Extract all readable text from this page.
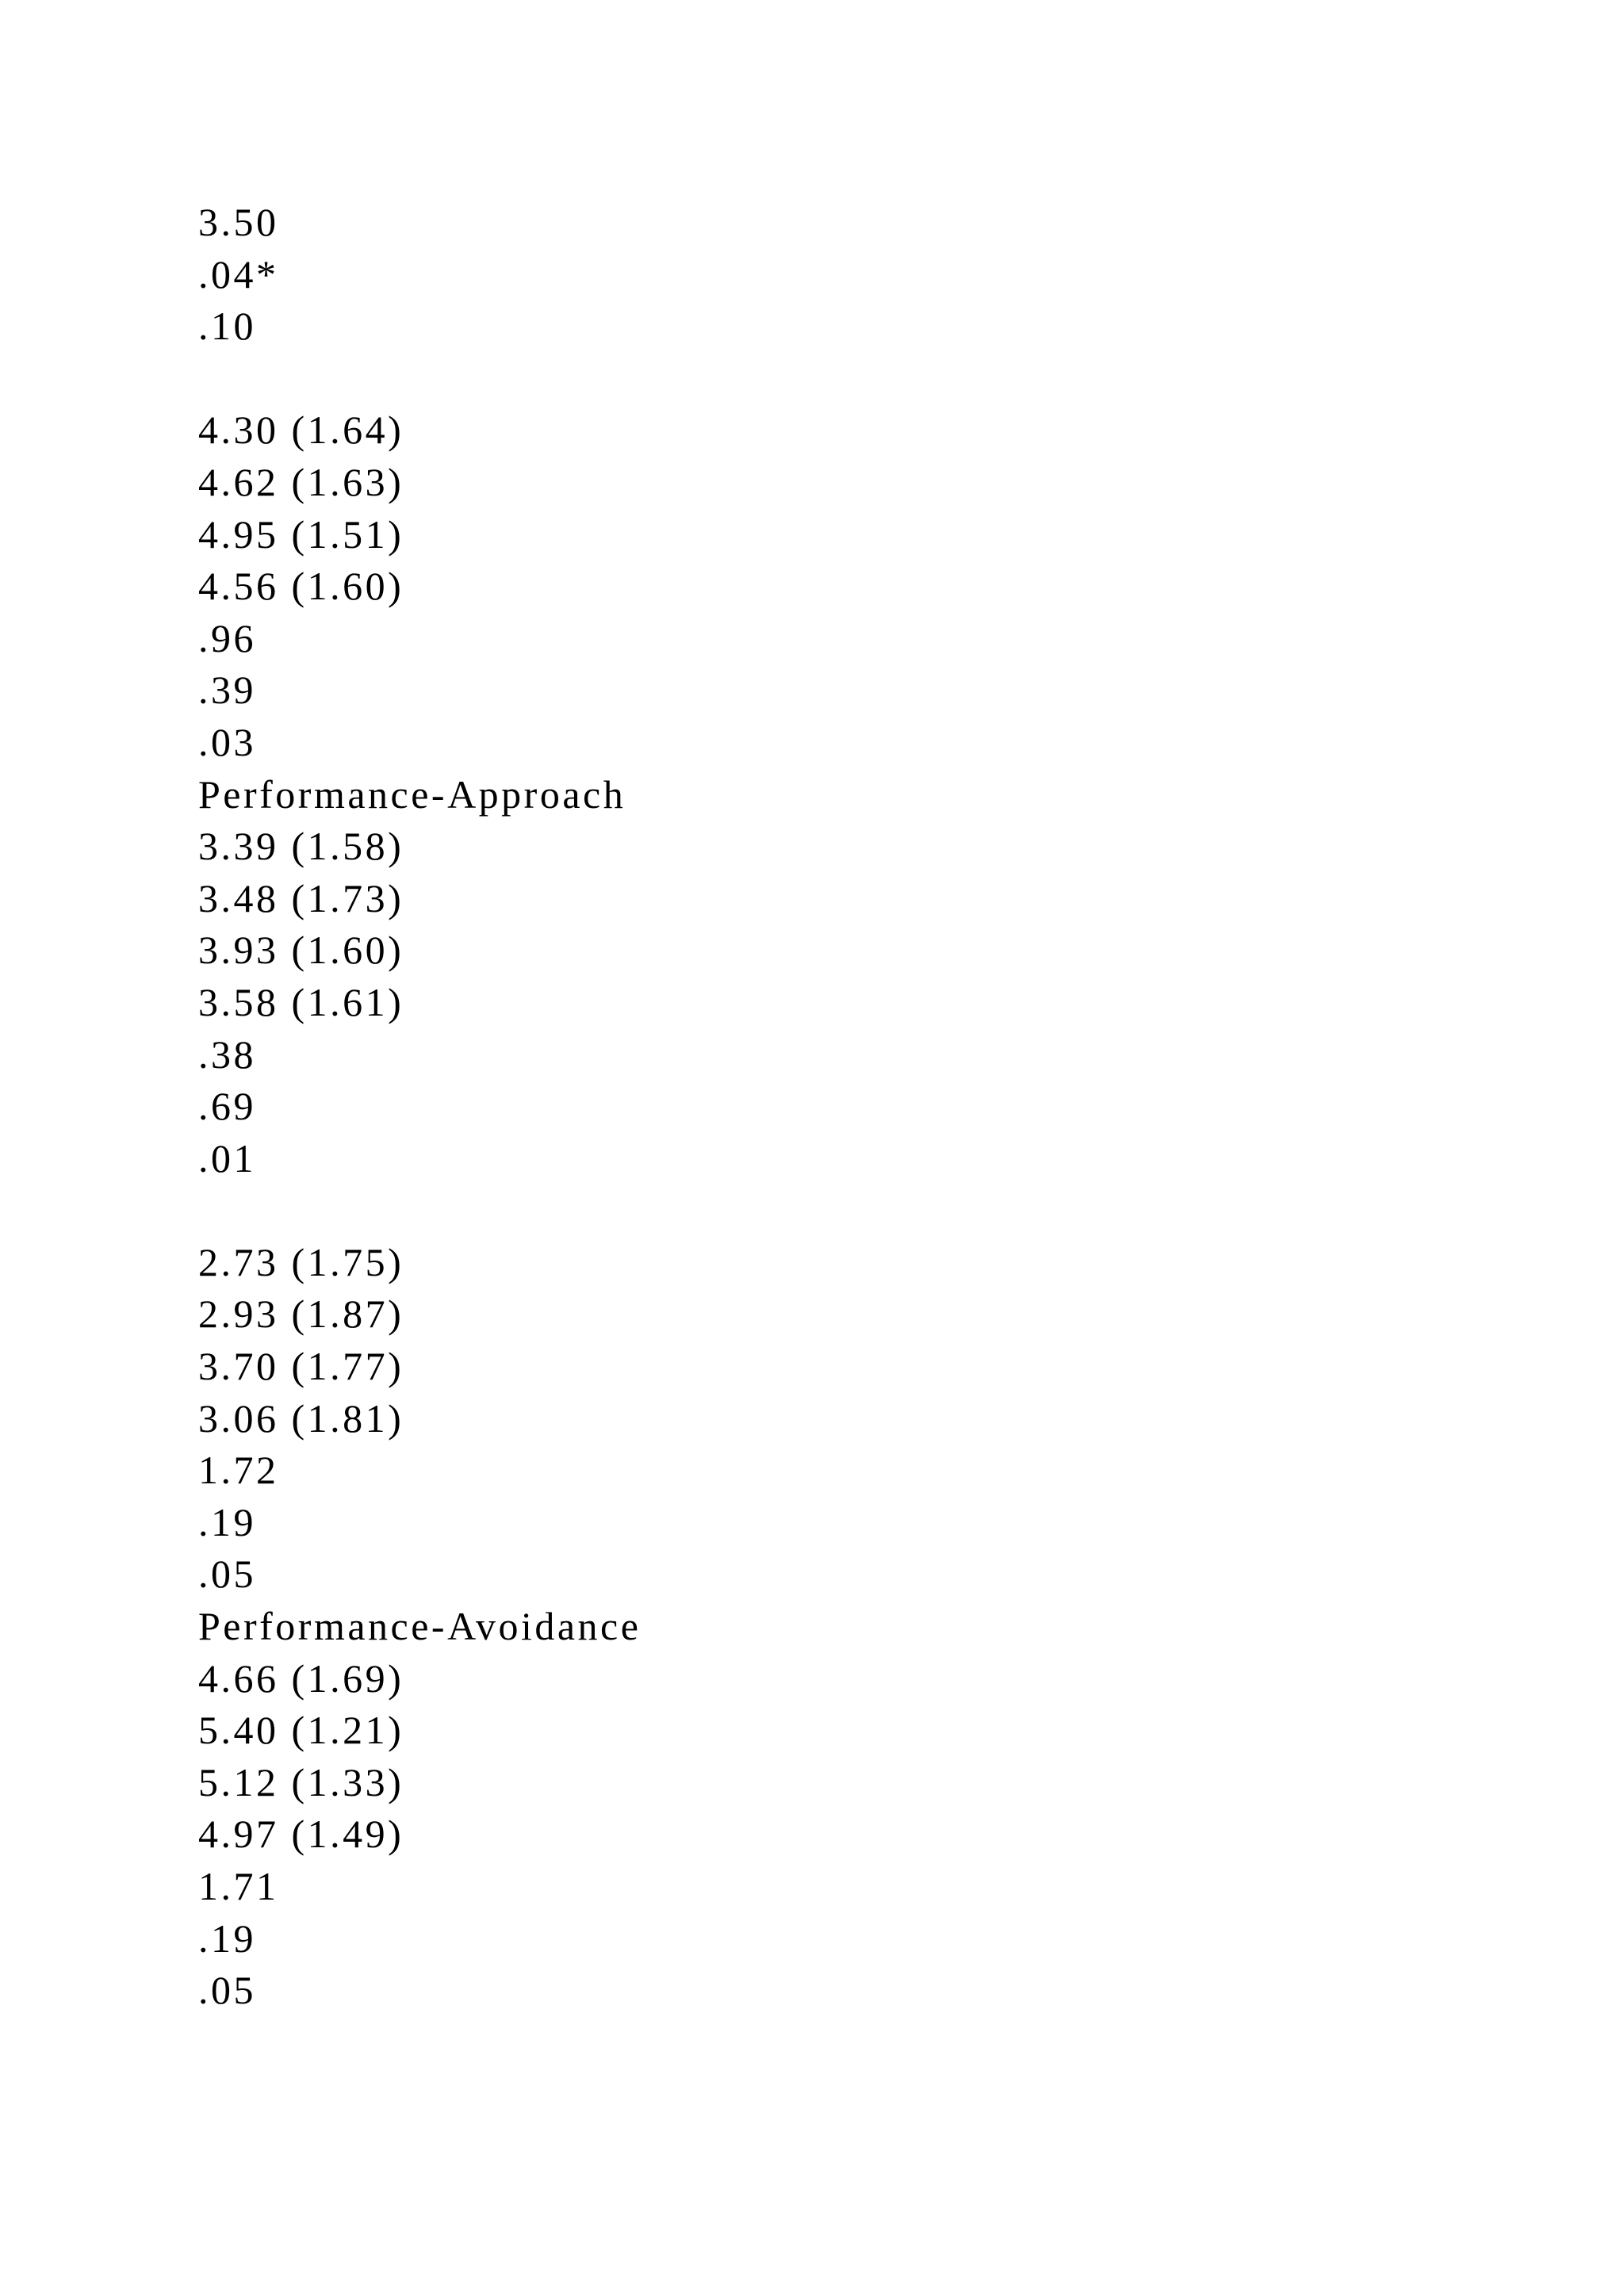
3.50

.04*

.10

4.30 (1.64)

4.62 (1.63)

4.95 (1.51)

4.56 (1.60)

.96

.39

.03

Performance-Approach

3.39 (1.58)

3.48 (1.73)

3.93 (1.60)

3.58 (1.61)

.38

.69

.01

2.73 (1.75)

2.93 (1.87)

3.70 (1.77)

3.06 (1.81)

1.72

.19

.05

Performance-Avoidance

4.66 (1.69)

5.40 (1.21)

5.12 (1.33)

4.97 (1.49)

1.71

.19

.05
